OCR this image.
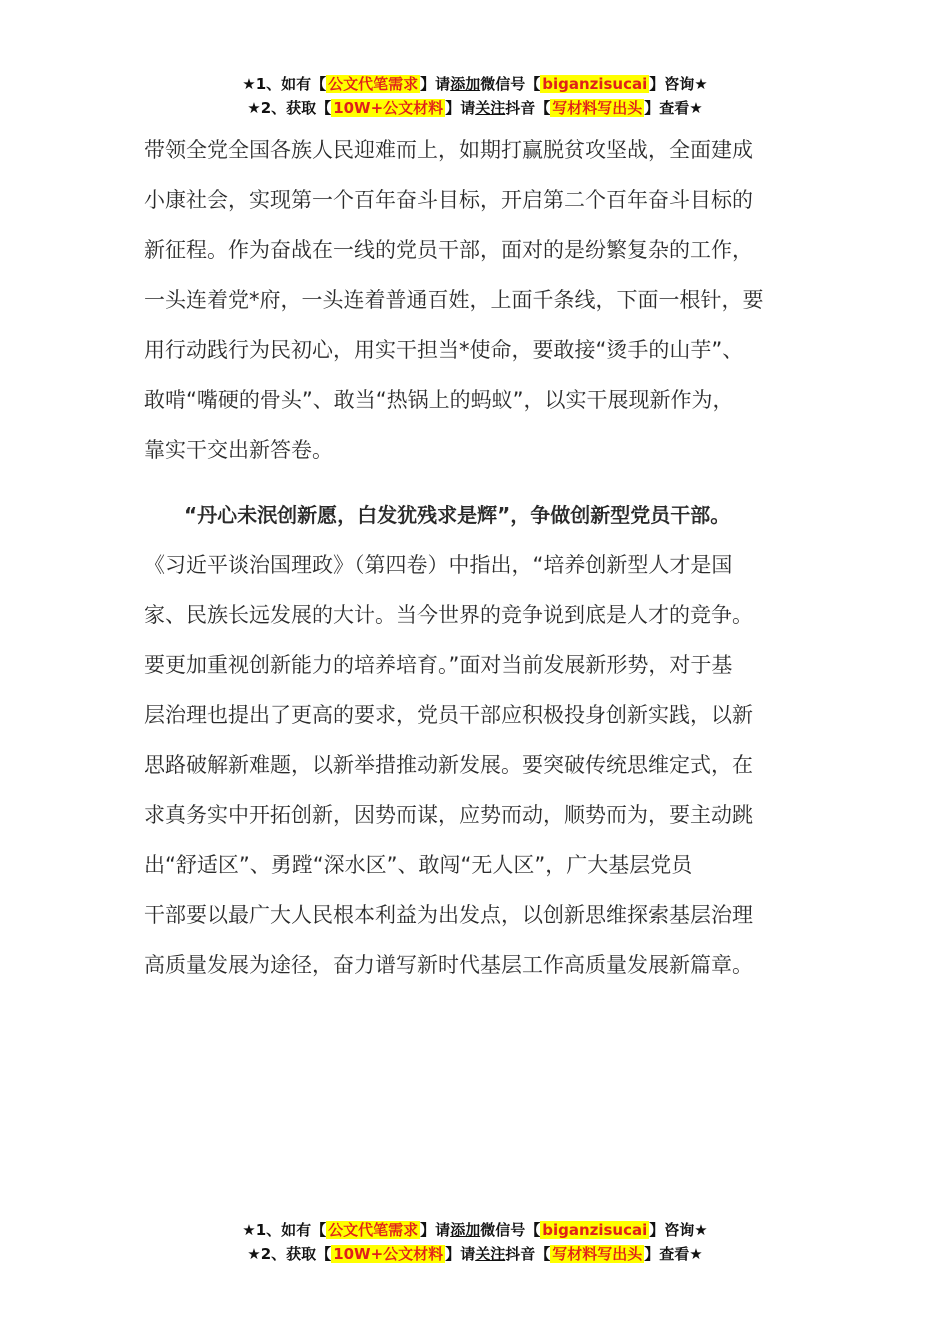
★1、如有【 公文代笔需求 】请添加微信号【 biganzisucai 】咨询★
★2、获取【 10W+公文材料 】请关注抖音【 写材料写出头 】查看★

带领全党全国各族人民迎难而上，如期打赢脱贫攻坚战，全面建成

小康社会，实现第一个百年奋斗目标，开启第二个百年奋斗目标的

新征程。作为奋战在一线的党员干部，面对的是纷繁复杂的工作，

一头连着党*府，一头连着普通百姓，上面千条线，下面一根针，要

用行动践行为民初心，用实干担当*使命，要敢接“烫手的山芋”、

敢啃“嘴硬的骨头”、敢当“热锅上的蚂蚁”，以实干展现新作为，

靠实干交出新答卷。

“丹心未泯创新愿，白发犹残求是辉”，争做创新型党员干部。

《习近平谈治国理政》（第四卷）中指出，“培养创新型人才是国

家、民族长远发展的大计。当今世界的竞争说到底是人才的竞争。

要更加重视创新能力的培养培育。”面对当前发展新形势，对于基

层治理也提出了更高的要求，党员干部应积极投身创新实践，以新

思路破解新难题，以新举措推动新发展。要突破传统思维定式，在

求真务实中开拓创新，因势而谋，应势而动，顺势而为，要主动跳

出“舒适区”、勇蹚“深水区”、敢闯“无人区”，广大基层党员

干部要以最广大人民根本利益为出发点，以创新思维探索基层治理

高质量发展为途径，奋力谱写新时代基层工作高质量发展新篇章。

★1、如有【 公文代笔需求 】请添加微信号【 biganzisucai 】咨询★
★2、获取【 10W+公文材料 】请关注抖音【 写材料写出头 】查看★
